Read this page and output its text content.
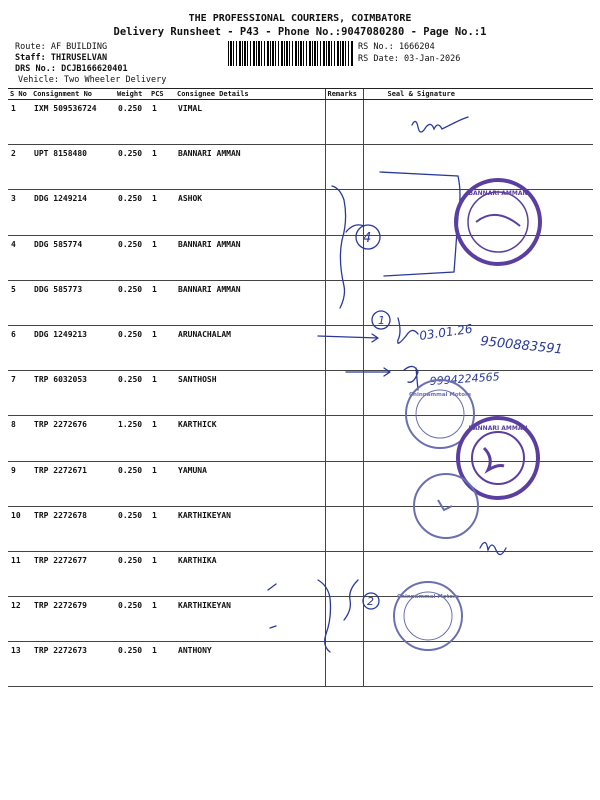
THE PROFESSIONAL COURIERS, COIMBATORE
Delivery Runsheet - P43 - Phone No.:9047080280 - Page No.:1
Route: AF BUILDING
Staff: THIRUSELVAN
DRS No.: DCJB166620401
Vehicle: Two Wheeler Delivery
RS No.: 1666204
RS Date: 03-Jan-2026
S No	Consignment No	Weight	PCS	Consignee Details	Remarks	Seal & Signature
1	IXM 509536724	0.250	1	VIMAL		
2	UPT 8158480	0.250	1	BANNARI AMMAN		
3	DDG 1249214	0.250	1	ASHOK		
4	DDG 585774	0.250	1	BANNARI AMMAN		
5	DDG 585773	0.250	1	BANNARI AMMAN		
6	DDG 1249213	0.250	1	ARUNACHALAM		
7	TRP 6032053	0.250	1	SANTHOSH		
8	TRP 2272676	1.250	1	KARTHICK		
9	TRP 2272671	0.250	1	YAMUNA		
10	TRP 2272678	0.250	1	KARTHIKEYAN		
11	TRP 2272677	0.250	1	KARTHIKA		
12	TRP 2272679	0.250	1	KARTHIKEYAN		
13	TRP 2272673	0.250	1	ANTHONY		
4
1
2
03.01.26
9500883591
9994224565
BANNARI AMMAN
Chinnammal Motors
BANNARI AMMAN
Chinnammal Motors
